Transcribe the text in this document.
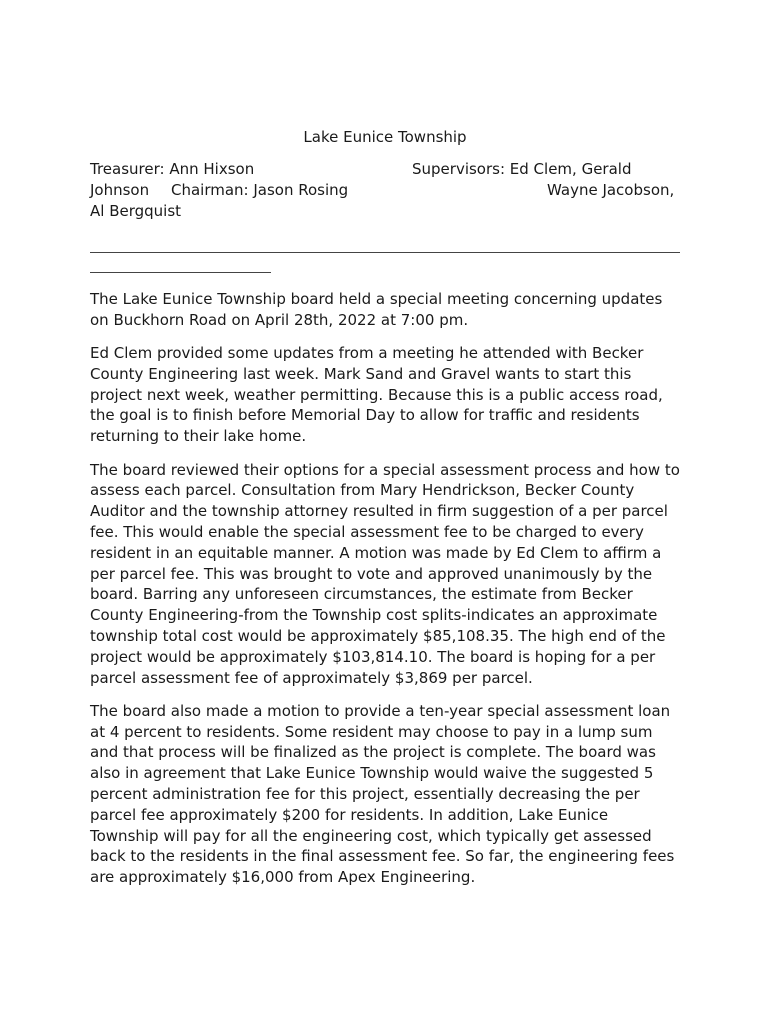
Lake Eunice Township
Treasurer: Ann Hixson	Supervisors: Ed Clem, Gerald
Johnson Chairman: Jason Rosing	Wayne Jacobson,
Al Bergquist

The Lake Eunice Township board held a special meeting concerning updates on Buckhorn Road on April 28th, 2022 at 7:00 pm.

Ed Clem provided some updates from a meeting he attended with Becker County Engineering last week. Mark Sand and Gravel wants to start this project next week, weather permitting. Because this is a public access road, the goal is to finish before Memorial Day to allow for traffic and residents returning to their lake home.

The board reviewed their options for a special assessment process and how to assess each parcel. Consultation from Mary Hendrickson, Becker County Auditor and the township attorney resulted in firm suggestion of a per parcel fee. This would enable the special assessment fee to be charged to every resident in an equitable manner. A motion was made by Ed Clem to affirm a per parcel fee. This was brought to vote and approved unanimously by the board. Barring any unforeseen circumstances, the estimate from Becker County Engineering-from the Township cost splits-indicates an approximate township total cost would be approximately $85,108.35. The high end of the project would be approximately $103,814.10. The board is hoping for a per parcel assessment fee of approximately $3,869 per parcel.

The board also made a motion to provide a ten-year special assessment loan at 4 percent to residents. Some resident may choose to pay in a lump sum and that process will be finalized as the project is complete. The board was also in agreement that Lake Eunice Township would waive the suggested 5 percent administration fee for this project, essentially decreasing the per parcel fee approximately $200 for residents. In addition, Lake Eunice Township will pay for all the engineering cost, which typically get assessed back to the residents in the final assessment fee. So far, the engineering fees are approximately $16,000 from Apex Engineering.
